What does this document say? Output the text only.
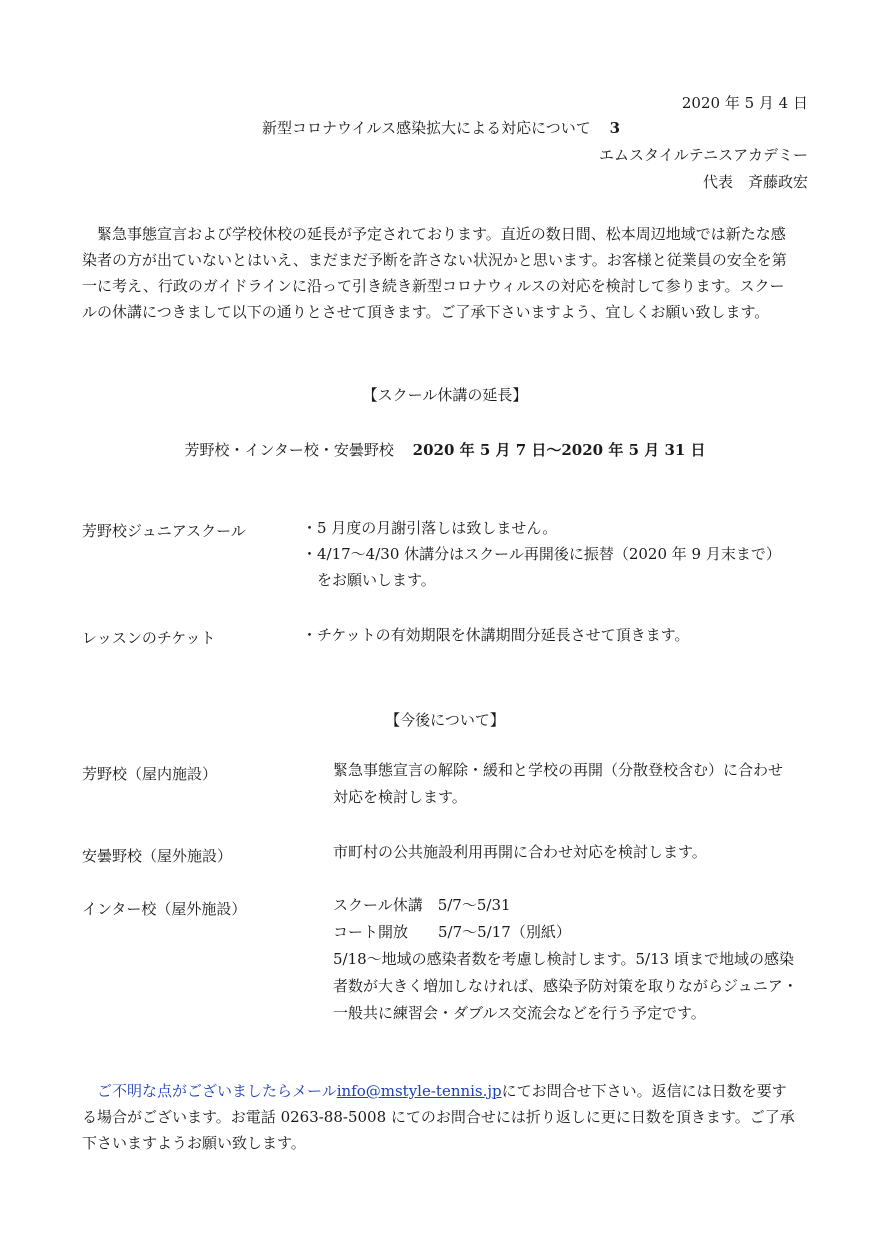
2020 年 5 月 4 日

新型コロナウイルス感染拡大による対応について 3

エムスタイルテニスアカデミー

代表　斉藤政宏

緊急事態宣言および学校休校の延長が予定されております。直近の数日間、松本周辺地域では新たな感
染者の方が出ていないとはいえ、まだまだ予断を許さない状況かと思います。お客様と従業員の安全を第
一に考え、行政のガイドラインに沿って引き続き新型コロナウィルスの対応を検討して参ります。スクー
ルの休講につきまして以下の通りとさせて頂きます。ご了承下さいますよう、宜しくお願い致します。

【スクール休講の延長】

芳野校・インター校・安曇野校 2020 年 5 月 7 日～2020 年 5 月 31 日

芳野校ジュニアスクール	・5 月度の月謝引落しは致しません。
・4/17～4/30 休講分はスクール再開後に振替（2020 年 9 月末まで）
　をお願いします。

レッスンのチケット	・チケットの有効期限を休講期間分延長させて頂きます。

【今後について】

芳野校（屋内施設）	緊急事態宣言の解除・緩和と学校の再開（分散登校含む）に合わせ
対応を検討します。

安曇野校（屋外施設）	市町村の公共施設利用再開に合わせ対応を検討します。

インター校（屋外施設）	スクール休講　5/7～5/31
コート開放　　5/7～5/17（別紙）
5/18～地域の感染者数を考慮し検討します。5/13 頃まで地域の感染
者数が大きく増加しなければ、感染予防対策を取りながらジュニア・
一般共に練習会・ダブルス交流会などを行う予定です。
ご不明な点がございましたらメールinfo@mstyle-tennis.jpにてお問合せ下さい。返信には日数を要す
る場合がございます。お電話 0263-88-5008 にてのお問合せには折り返しに更に日数を頂きます。ご了承
下さいますようお願い致します。
